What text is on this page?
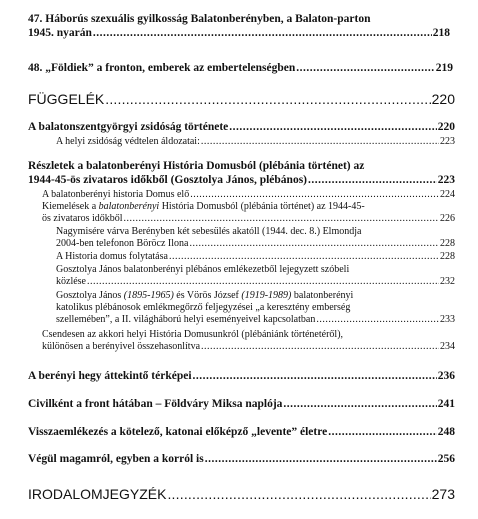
47. Háborús szexuális gyilkosság Balatonberényben, a Balaton-parton
1945. nyarán .....	218
48. „Földiek” a fronton, emberek az embertelenségben .....	219
FÜGGELÉK .....	220
A balatonszentgyörgyi zsidóság története .....	220
A helyi zsidóság védtelen áldozatai: .....	223
Részletek a balatonberényi História Domusból (plébánia történet) az
1944-45-ös zivataros időkből (Gosztolya János, plébános) .....	223
A balatonberényi historia Domus elő .....	224
Kiemelések a balatonberényi História Domusból (plébánia történet) az 1944-45-
ös zivataros időkből .....	226
Nagymisére várva Berényben két sebesülés akatóll (1944. dec. 8.) Elmondja
2004-ben telefonon Böröcz Ilona .....	228
A Historia domus folytatása .....	228
Gosztolya János balatonberényi plébános emlékezetből lejegyzett szóbeli
közlése .....	232
Gosztolya János (1895-1965) és Vörös József (1919-1989) balatonberényi
katolikus plébánosok emlékmegőrző feljegyzései „a keresztény emberség
szellemében”, a II. világháború helyi eseményeivel kapcsolatban .....	233
Csendesen az akkori helyi História Domusunkról (plébániánk történetéről),
különösen a berényivel összehasonlítva .....	234
A berényi hegy áttekintő térképei .....	236
Civilként a front hátában – Földváry Miksa naplója .....	241
Visszaemlékezés a kötelező, katonai előképző „levente” életre .....	248
Végül magamról, egyben a korról is .....	256
IRODALOMJEGYZÉK .....	273
